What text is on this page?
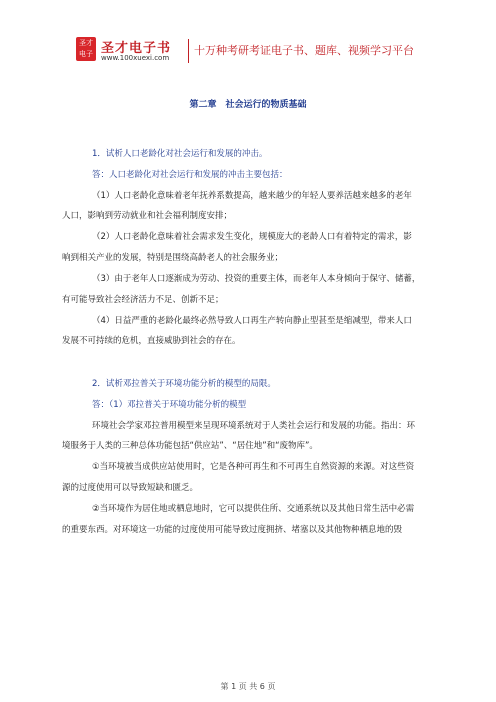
圣才
电子书
圣才电子书
www.100xuexi.com
十万种考研考证电子书、题库、视频学习平台
第二章　社会运行的物质基础

1．试析人口老龄化对社会运行和发展的冲击。

答：人口老龄化对社会运行和发展的冲击主要包括：

（1）人口老龄化意味着老年抚养系数提高，越来越少的年轻人要养活越来越多的老年

人口，影响到劳动就业和社会福利制度安排；

（2）人口老龄化意味着社会需求发生变化，规模庞大的老龄人口有着特定的需求，影

响到相关产业的发展，特别是围绕高龄老人的社会服务业；

（3）由于老年人口逐渐成为劳动、投资的重要主体，而老年人本身倾向于保守、储蓄，

有可能导致社会经济活力不足、创新不足；

（4）日益严重的老龄化最终必然导致人口再生产转向静止型甚至是缩减型，带来人口

发展不可持续的危机，直接威胁到社会的存在。

2．试析邓拉普关于环境功能分析的模型的局限。

答：（1）邓拉普关于环境功能分析的模型

环境社会学家邓拉普用模型来呈现环境系统对于人类社会运行和发展的功能。指出：环

境服务于人类的三种总体功能包括“供应站”、“居住地”和“废物库”。

①当环境被当成供应站使用时，它是各种可再生和不可再生自然资源的来源。对这些资

源的过度使用可以导致短缺和匮乏。

②当环境作为居住地或栖息地时，它可以提供住所、交通系统以及其他日常生活中必需

的重要东西。对环境这一功能的过度使用可能导致过度拥挤、堵塞以及其他物种栖息地的毁

第 1 页 共 6 页
